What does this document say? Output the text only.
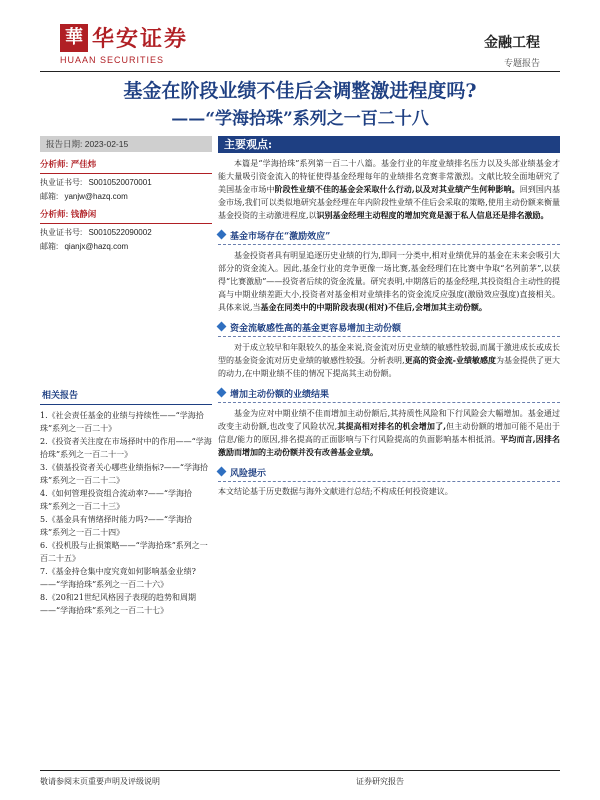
華 华安证券
HUAAN SECURITIES
金融工程
专题报告
基金在阶段业绩不佳后会调整激进程度吗?
——“学海拾珠”系列之一百二十八
报告日期: 2023-02-15
分析师: 严佳炜
执业证书号: S0010520070001
邮箱: yanjw@hazq.com
分析师: 钱静闲
执业证书号: S0010522090002
邮箱: qianjx@hazq.com
相关报告
1.《社会责任基金的业绩与持续性——“学海拾珠”系列之一百二十》
2.《投资者关注度在市场择时中的作用——“学海拾珠”系列之一百二十一》
3.《债基投资者关心哪些业绩指标?——“学海拾珠”系列之一百二十二》
4.《如何管理投资组合流动率?——“学海拾珠”系列之一百二十三》
5.《基金具有情绪择时能力吗?——“学海拾珠”系列之一百二十四》
6.《投机股与止损策略——“学海拾珠”系列之一百二十五》
7.《基金持仓集中度究竟如何影响基金业绩?——“学海拾珠”系列之一百二十六》
8.《20和21世纪风格因子表现的趋势和周期——“学海拾珠”系列之一百二十七》
主要观点:

本篇是“学海拾珠”系列第一百二十八篇。基金行业的年度业绩排名压力以及头部业绩基金才能大量吸引资金流入的特征使得基金经理每年的业绩排名竞赛非常激烈。文献比较全面地研究了美国基金市场中阶段性业绩不佳的基金会采取什么行动,以及对其业绩产生何种影响。回到国内基金市场,我们可以类似地研究基金经理在年内阶段性业绩不佳后会采取的策略,使用主动份额来衡量基金投资的主动激进程度,以识别基金经理主动程度的增加究竟是源于私人信息还是排名激励。

基金市场存在“激励效应”

基金投资者具有明显追逐历史业绩的行为,即同一分类中,相对业绩优异的基金在未来会吸引大部分的资金流入。因此,基金行业的竞争更像一场比赛,基金经理们在比赛中争取“名列前茅”,以获得“比赛激励”——投资者后续的资金流量。研究表明,中期落后的基金经理,其投资组合主动性的提高与中期业绩差距大小,投资者对基金相对业绩排名的资金流反应强度(激励效应强度)直接相关。具体来说,当基金在同类中的中期阶段表现(相对)不佳后,会增加其主动份额。

资金流敏感性高的基金更容易增加主动份额

对于成立较早和年限较久的基金来说,资金流对历史业绩的敏感性较弱,而属于激进成长或成长型的基金资金流对历史业绩的敏感性较强。分析表明,更高的资金流-业绩敏感度为基金提供了更大的动力,在中期业绩不佳的情况下提高其主动份额。

增加主动份额的业绩结果

基金为应对中期业绩不佳而增加主动份额后,其持质性风险和下行风险会大幅增加。基金通过改变主动份额,也改变了风险状况,其提高相对排名的机会增加了,但主动份额的增加可能不是出于信息/能力的原因,排名提高的正面影响与下行风险提高的负面影响基本相抵消。平均而言,因排名激励而增加的主动份额并没有改善基金业绩。

风险提示

本文结论基于历史数据与海外文献进行总结;不构成任何投资建议。

敬请参阅末页重要声明及评级说明	证券研究报告
